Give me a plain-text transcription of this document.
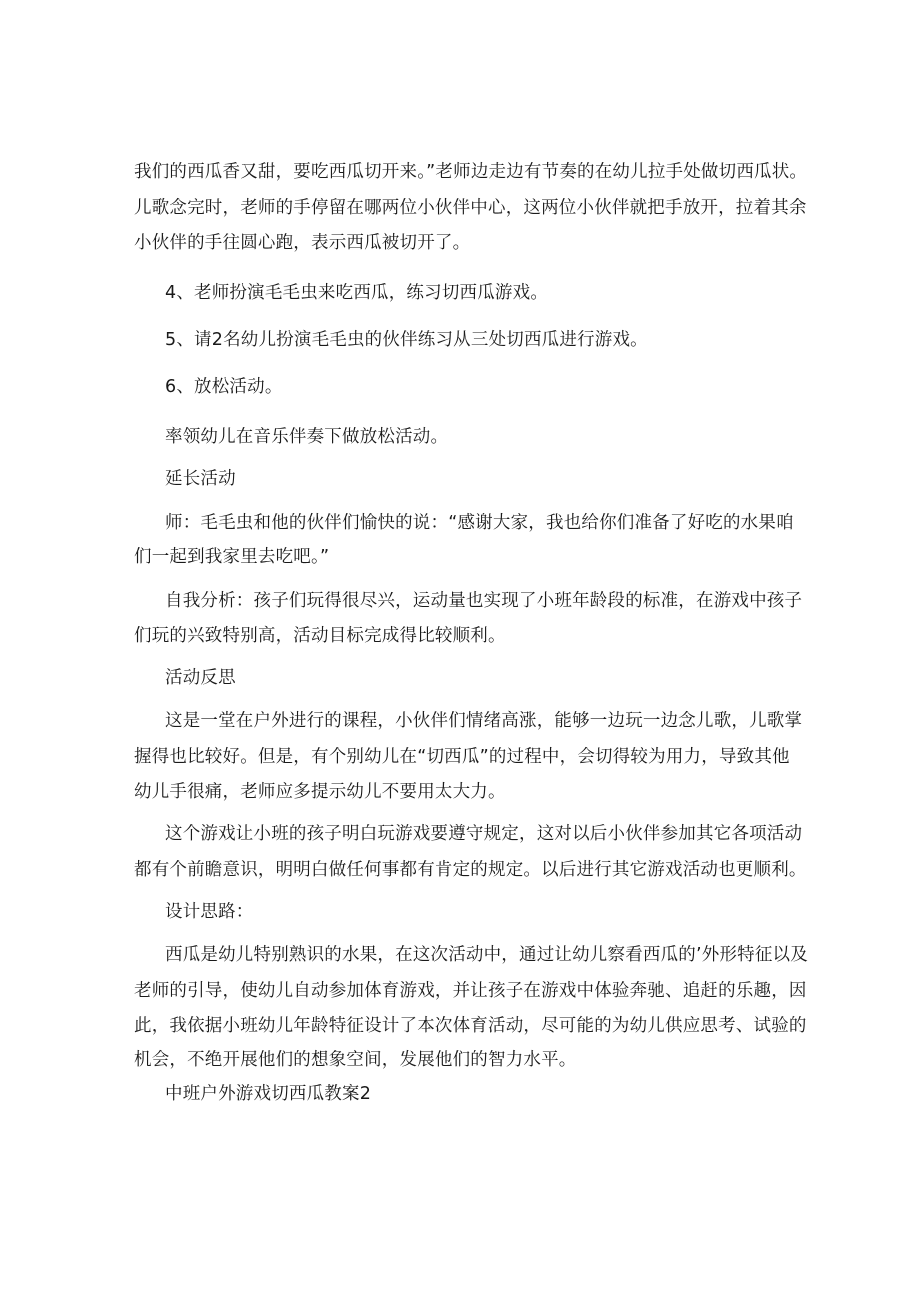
我们的西瓜香又甜，要吃西瓜切开来。”老师边走边有节奏的在幼儿拉手处做切西瓜状。

儿歌念完时，老师的手停留在哪两位小伙伴中心，这两位小伙伴就把手放开，拉着其余

小伙伴的手往圆心跑，表示西瓜被切开了。

4、老师扮演毛毛虫来吃西瓜，练习切西瓜游戏。

5、请2名幼儿扮演毛毛虫的伙伴练习从三处切西瓜进行游戏。

6、放松活动。

率领幼儿在音乐伴奏下做放松活动。

延长活动

师：毛毛虫和他的伙伴们愉快的说：“感谢大家，我也给你们准备了好吃的水果咱

们一起到我家里去吃吧。”

自我分析：孩子们玩得很尽兴，运动量也实现了小班年龄段的标准，在游戏中孩子

们玩的兴致特别高，活动目标完成得比较顺利。

活动反思

这是一堂在户外进行的课程，小伙伴们情绪高涨，能够一边玩一边念儿歌，儿歌掌

握得也比较好。但是，有个别幼儿在“切西瓜”的过程中，会切得较为用力，导致其他

幼儿手很痛，老师应多提示幼儿不要用太大力。

这个游戏让小班的孩子明白玩游戏要遵守规定，这对以后小伙伴参加其它各项活动

都有个前瞻意识，明明白做任何事都有肯定的规定。以后进行其它游戏活动也更顺利。

设计思路：

西瓜是幼儿特别熟识的水果，在这次活动中，通过让幼儿察看西瓜的’外形特征以及

老师的引导，使幼儿自动参加体育游戏，并让孩子在游戏中体验奔驰、追赶的乐趣，因

此，我依据小班幼儿年龄特征设计了本次体育活动，尽可能的为幼儿供应思考、试验的

机会，不绝开展他们的想象空间，发展他们的智力水平。

中班户外游戏切西瓜教案2
